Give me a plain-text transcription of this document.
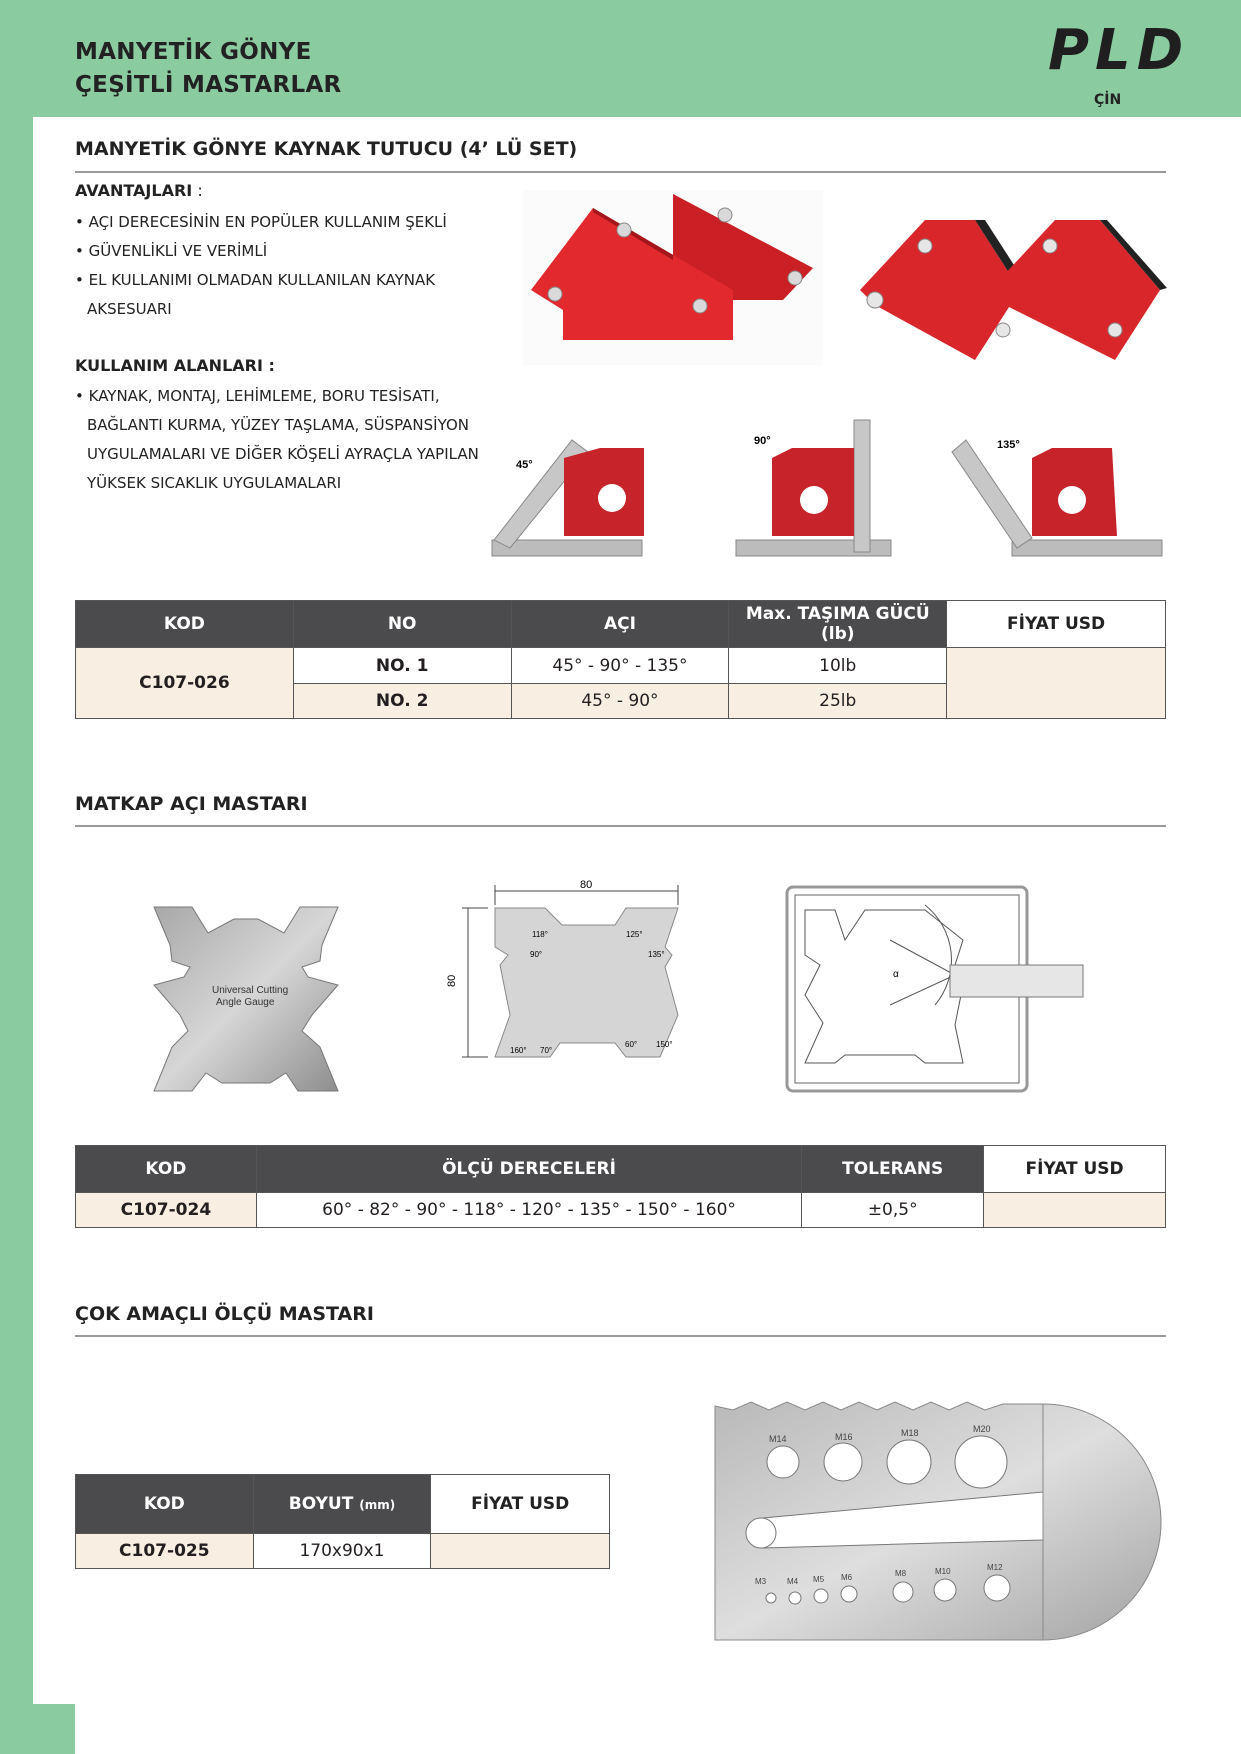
MANYETİK GÖNYE
ÇEŞİTLİ MASTARLAR
PLD
ÇİN
MANYETİK GÖNYE KAYNAK TUTUCU (4’ LÜ SET)
AVANTAJLARI :
• AÇI DERECESİNİN EN POPÜLER KULLANIM ŞEKLİ
• GÜVENLİKLİ VE VERİMLİ
• EL KULLANIMI OLMADAN KULLANILAN KAYNAK AKSESUARI
KULLANIM ALANLARI :
• KAYNAK, MONTAJ, LEHİMLEME, BORU TESİSATI, BAĞLANTI KURMA, YÜZEY TAŞLAMA, SÜSPANSİYON UYGULAMALARI VE DİĞER KÖŞELİ AYRAÇLA YAPILAN YÜKSEK SICAKLIK UYGULAMALARI
45°
90°	135°
KOD	NO	AÇI	Max. TAŞIMA GÜCÜ (lb)	FİYAT USD
C107-026	NO. 1	45° - 90° - 135°	10lb	
	NO. 2	45° - 90°	25lb	
MATKAP AÇI MASTARI
Universal Cutting
Angle Gauge
80
80
118°	125°
90°	135°
160° 70°
60° 150°
α
KOD	ÖLÇÜ DERECELERİ	TOLERANS	FİYAT USD
C107-024	60° - 82° - 90° - 118° - 120° - 135° - 150° - 160°	±0,5°	
ÇOK AMAÇLI ÖLÇÜ MASTARI
KOD	BOYUT (mm)	FİYAT USD
C107-025	170x90x1	
M14	M16	M18	M20
M3	M4 M5 M6	M8	M10	M12
